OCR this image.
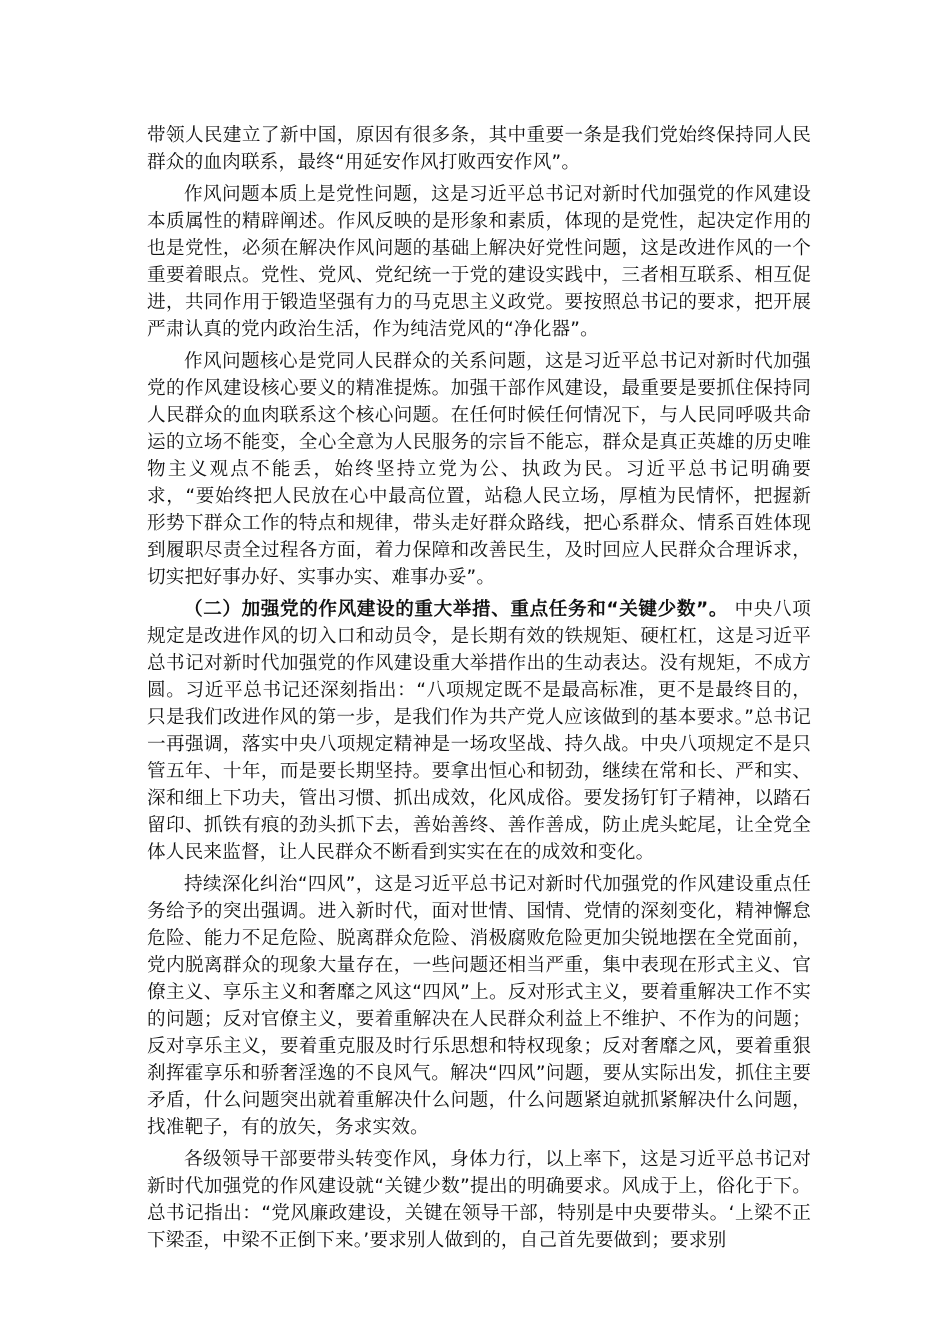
带领人民建立了新中国，原因有很多条，其中重要一条是我们党始终保持同人民群众的血肉联系，最终“用延安作风打败西安作风”。

作风问题本质上是党性问题，这是习近平总书记对新时代加强党的作风建设本质属性的精辟阐述。作风反映的是形象和素质，体现的是党性，起决定作用的也是党性，必须在解决作风问题的基础上解决好党性问题，这是改进作风的一个重要着眼点。党性、党风、党纪统一于党的建设实践中，三者相互联系、相互促进，共同作用于锻造坚强有力的马克思主义政党。要按照总书记的要求，把开展严肃认真的党内政治生活，作为纯洁党风的“净化器”。

作风问题核心是党同人民群众的关系问题，这是习近平总书记对新时代加强党的作风建设核心要义的精准提炼。加强干部作风建设，最重要是要抓住保持同人民群众的血肉联系这个核心问题。在任何时候任何情况下，与人民同呼吸共命运的立场不能变，全心全意为人民服务的宗旨不能忘，群众是真正英雄的历史唯物主义观点不能丢，始终坚持立党为公、执政为民。习近平总书记明确要求，“要始终把人民放在心中最高位置，站稳人民立场，厚植为民情怀，把握新形势下群众工作的特点和规律，带头走好群众路线，把心系群众、情系百姓体现到履职尽责全过程各方面，着力保障和改善民生，及时回应人民群众合理诉求，切实把好事办好、实事办实、难事办妥”。

（二）加强党的作风建设的重大举措、重点任务和“关键少数”。 中央八项规定是改进作风的切入口和动员令，是长期有效的铁规矩、硬杠杠，这是习近平总书记对新时代加强党的作风建设重大举措作出的生动表达。没有规矩，不成方圆。习近平总书记还深刻指出：“八项规定既不是最高标准，更不是最终目的，只是我们改进作风的第一步，是我们作为共产党人应该做到的基本要求。”总书记一再强调，落实中央八项规定精神是一场攻坚战、持久战。中央八项规定不是只管五年、十年，而是要长期坚持。要拿出恒心和韧劲，继续在常和长、严和实、深和细上下功夫，管出习惯、抓出成效，化风成俗。要发扬钉钉子精神，以踏石留印、抓铁有痕的劲头抓下去，善始善终、善作善成，防止虎头蛇尾，让全党全体人民来监督，让人民群众不断看到实实在在的成效和变化。

持续深化纠治“四风”，这是习近平总书记对新时代加强党的作风建设重点任务给予的突出强调。进入新时代，面对世情、国情、党情的深刻变化，精神懈怠危险、能力不足危险、脱离群众危险、消极腐败危险更加尖锐地摆在全党面前，党内脱离群众的现象大量存在，一些问题还相当严重，集中表现在形式主义、官僚主义、享乐主义和奢靡之风这“四风”上。反对形式主义，要着重解决工作不实的问题；反对官僚主义，要着重解决在人民群众利益上不维护、不作为的问题；反对享乐主义，要着重克服及时行乐思想和特权现象；反对奢靡之风，要着重狠刹挥霍享乐和骄奢淫逸的不良风气。解决“四风”问题，要从实际出发，抓住主要矛盾，什么问题突出就着重解决什么问题，什么问题紧迫就抓紧解决什么问题，找准靶子，有的放矢，务求实效。

各级领导干部要带头转变作风，身体力行，以上率下，这是习近平总书记对新时代加强党的作风建设就“关键少数”提出的明确要求。风成于上，俗化于下。总书记指出：“党风廉政建设，关键在领导干部，特别是中央要带头。‘上梁不正下梁歪，中梁不正倒下来。’要求别人做到的，自己首先要做到；要求别
